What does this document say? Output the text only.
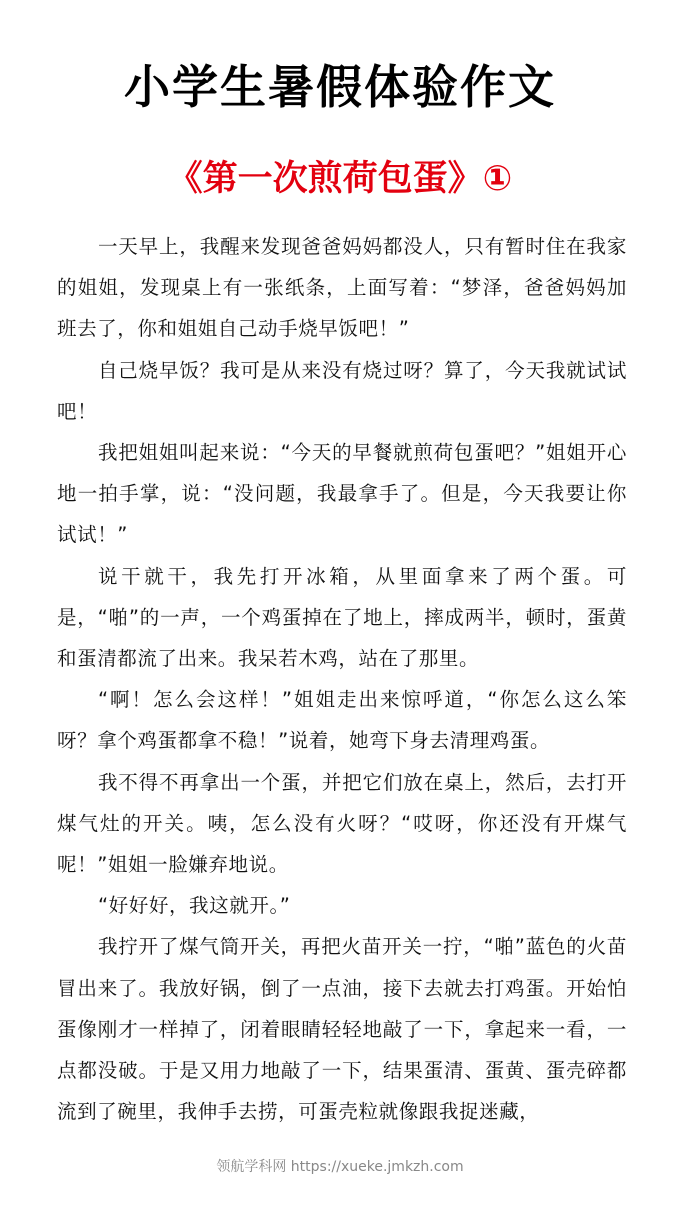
小学生暑假体验作文
《第一次煎荷包蛋》①

一天早上，我醒来发现爸爸妈妈都没人，只有暂时住在我家的姐姐，发现桌上有一张纸条，上面写着：“梦泽，爸爸妈妈加班去了，你和姐姐自己动手烧早饭吧！”

自己烧早饭？我可是从来没有烧过呀？算了，今天我就试试吧！

我把姐姐叫起来说：“今天的早餐就煎荷包蛋吧？”姐姐开心地一拍手掌，说：“没问题，我最拿手了。但是，今天我要让你试试！”

说干就干，我先打开冰箱，从里面拿来了两个蛋。可是，“啪”的一声，一个鸡蛋掉在了地上，摔成两半，顿时，蛋黄和蛋清都流了出来。我呆若木鸡，站在了那里。

“啊！怎么会这样！”姐姐走出来惊呼道，“你怎么这么笨呀？拿个鸡蛋都拿不稳！”说着，她弯下身去清理鸡蛋。

我不得不再拿出一个蛋，并把它们放在桌上，然后，去打开煤气灶的开关。咦，怎么没有火呀？“哎呀，你还没有开煤气呢！”姐姐一脸嫌弃地说。

“好好好，我这就开。”

我拧开了煤气筒开关，再把火苗开关一拧，“啪”蓝色的火苗冒出来了。我放好锅，倒了一点油，接下去就去打鸡蛋。开始怕蛋像刚才一样掉了，闭着眼睛轻轻地敲了一下，拿起来一看，一点都没破。于是又用力地敲了一下，结果蛋清、蛋黄、蛋壳碎都流到了碗里，我伸手去捞，可蛋壳粒就像跟我捉迷藏，

领航学科网 https://xueke.jmkzh.com
